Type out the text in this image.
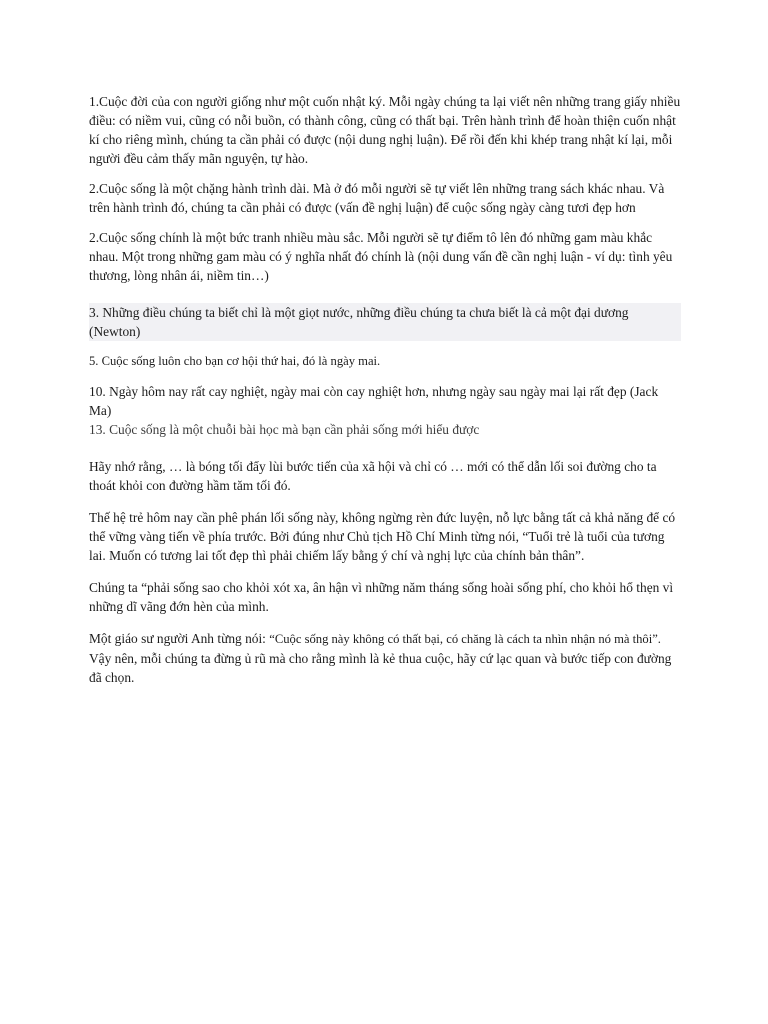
1.Cuộc đời của con người giống như một cuốn nhật ký. Mỗi ngày chúng ta lại viết nên những trang giấy nhiều điều: có niềm vui, cũng có nỗi buồn, có thành công, cũng có thất bại. Trên hành trình để hoàn thiện cuốn nhật kí cho riêng mình, chúng ta cần phải có được (nội dung nghị luận). Để rồi đến khi khép trang nhật kí lại, mỗi người đều cảm thấy mãn nguyện, tự hào.

2.Cuộc sống là một chặng hành trình dài. Mà ở đó mỗi người sẽ tự viết lên những trang sách khác nhau. Và trên hành trình đó, chúng ta cần phải có được (vấn đề nghị luận) để cuộc sống ngày càng tươi đẹp hơn

2.Cuộc sống chính là một bức tranh nhiều màu sắc. Mỗi người sẽ tự điểm tô lên đó những gam màu khắc nhau. Một trong những gam màu có ý nghĩa nhất đó chính là (nội dung vấn đề cần nghị luận - ví dụ: tình yêu thương, lòng nhân ái, niềm tin…)

3. Những điều chúng ta biết chỉ là một giọt nước, những điều chúng ta chưa biết là cả một đại dương (Newton)

5. Cuộc sống luôn cho bạn cơ hội thứ hai, đó là ngày mai.

10. Ngày hôm nay rất cay nghiệt, ngày mai còn cay nghiệt hơn, nhưng ngày sau ngày mai lại rất đẹp (Jack Ma)

13. Cuộc sống là một chuỗi bài học mà bạn cần phải sống mới hiểu được

Hãy nhớ rằng, … là bóng tối đẩy lùi bước tiến của xã hội và chỉ có … mới có thể dẫn lối soi đường cho ta thoát khỏi con đường hầm tăm tối đó.

Thế hệ trẻ hôm nay cần phê phán lối sống này, không ngừng rèn đức luyện, nỗ lực bằng tất cả khả năng để có thể vững vàng tiến về phía trước. Bởi đúng như Chủ tịch Hồ Chí Minh từng nói, “Tuổi trẻ là tuổi của tương lai. Muốn có tương lai tốt đẹp thì phải chiếm lấy bằng ý chí và nghị lực của chính bản thân”.

Chúng ta “phải sống sao cho khỏi xót xa, ân hận vì những năm tháng sống hoài sống phí, cho khỏi hổ thẹn vì những dĩ vãng đớn hèn của mình.

Một giáo sư người Anh từng nói: “Cuộc sống này không có thất bại, có chăng là cách ta nhìn nhận nó mà thôi”. Vậy nên, mỗi chúng ta đừng ủ rũ mà cho rằng mình là kẻ thua cuộc, hãy cứ lạc quan và bước tiếp con đường đã chọn.
